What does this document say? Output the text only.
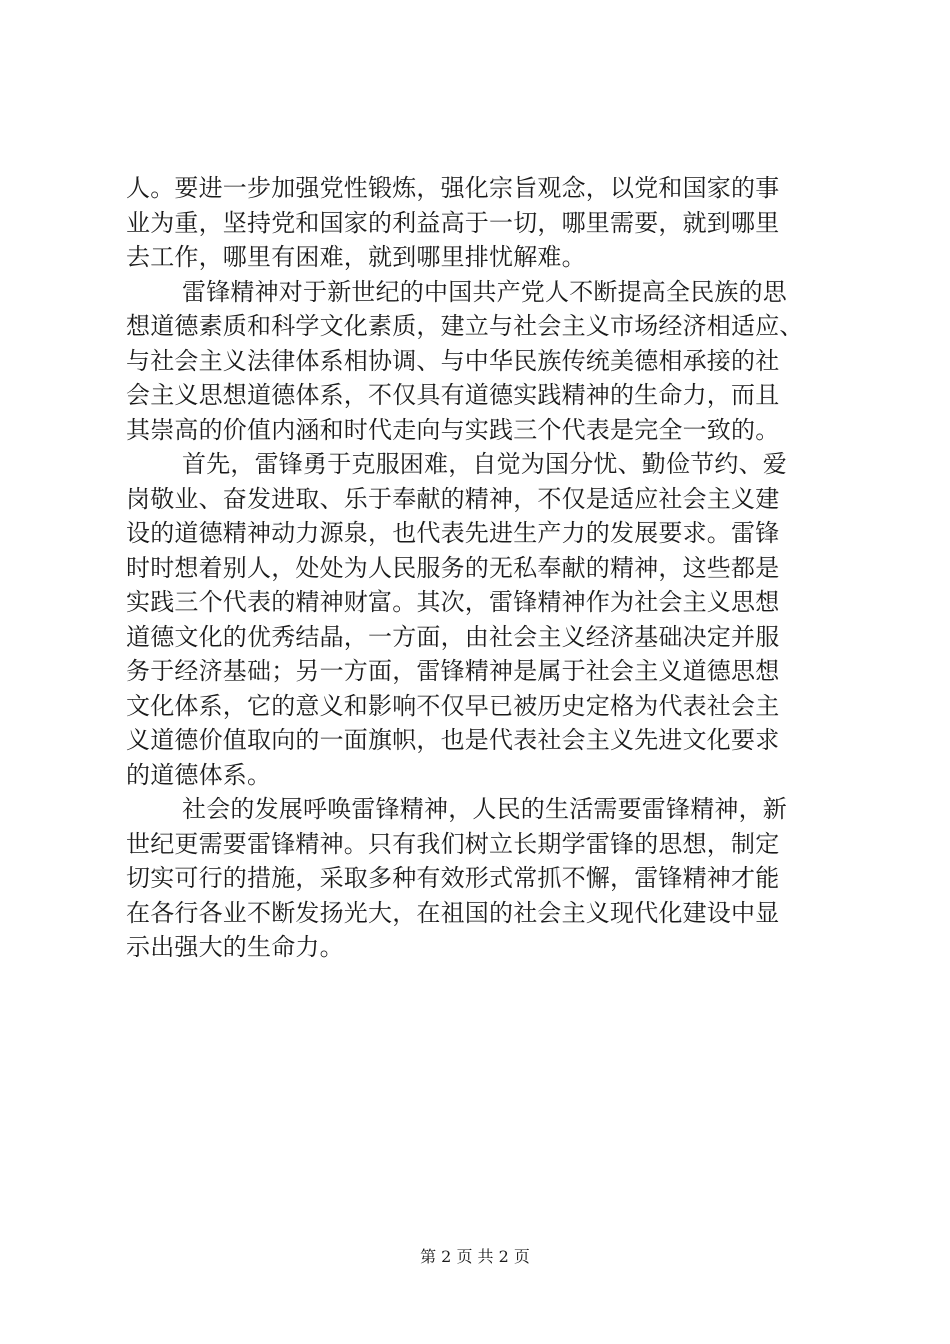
人。要进一步加强党性锻炼，强化宗旨观念，以党和国家的事
业为重，坚持党和国家的利益高于一切，哪里需要，就到哪里
去工作，哪里有困难，就到哪里排忧解难。

雷锋精神对于新世纪的中国共产党人不断提高全民族的思
想道德素质和科学文化素质，建立与社会主义市场经济相适应、
与社会主义法律体系相协调、与中华民族传统美德相承接的社
会主义思想道德体系，不仅具有道德实践精神的生命力，而且
其崇高的价值内涵和时代走向与实践三个代表是完全一致的。

首先，雷锋勇于克服困难，自觉为国分忧、勤俭节约、爱
岗敬业、奋发进取、乐于奉献的精神，不仅是适应社会主义建
设的道德精神动力源泉，也代表先进生产力的发展要求。雷锋
时时想着别人，处处为人民服务的无私奉献的精神，这些都是
实践三个代表的精神财富。其次，雷锋精神作为社会主义思想
道德文化的优秀结晶，一方面，由社会主义经济基础决定并服
务于经济基础；另一方面，雷锋精神是属于社会主义道德思想
文化体系，它的意义和影响不仅早已被历史定格为代表社会主
义道德价值取向的一面旗帜，也是代表社会主义先进文化要求
的道德体系。

社会的发展呼唤雷锋精神，人民的生活需要雷锋精神，新
世纪更需要雷锋精神。只有我们树立长期学雷锋的思想，制定
切实可行的措施，采取多种有效形式常抓不懈，雷锋精神才能
在各行各业不断发扬光大，在祖国的社会主义现代化建设中显
示出强大的生命力。

第 2 页 共 2 页
